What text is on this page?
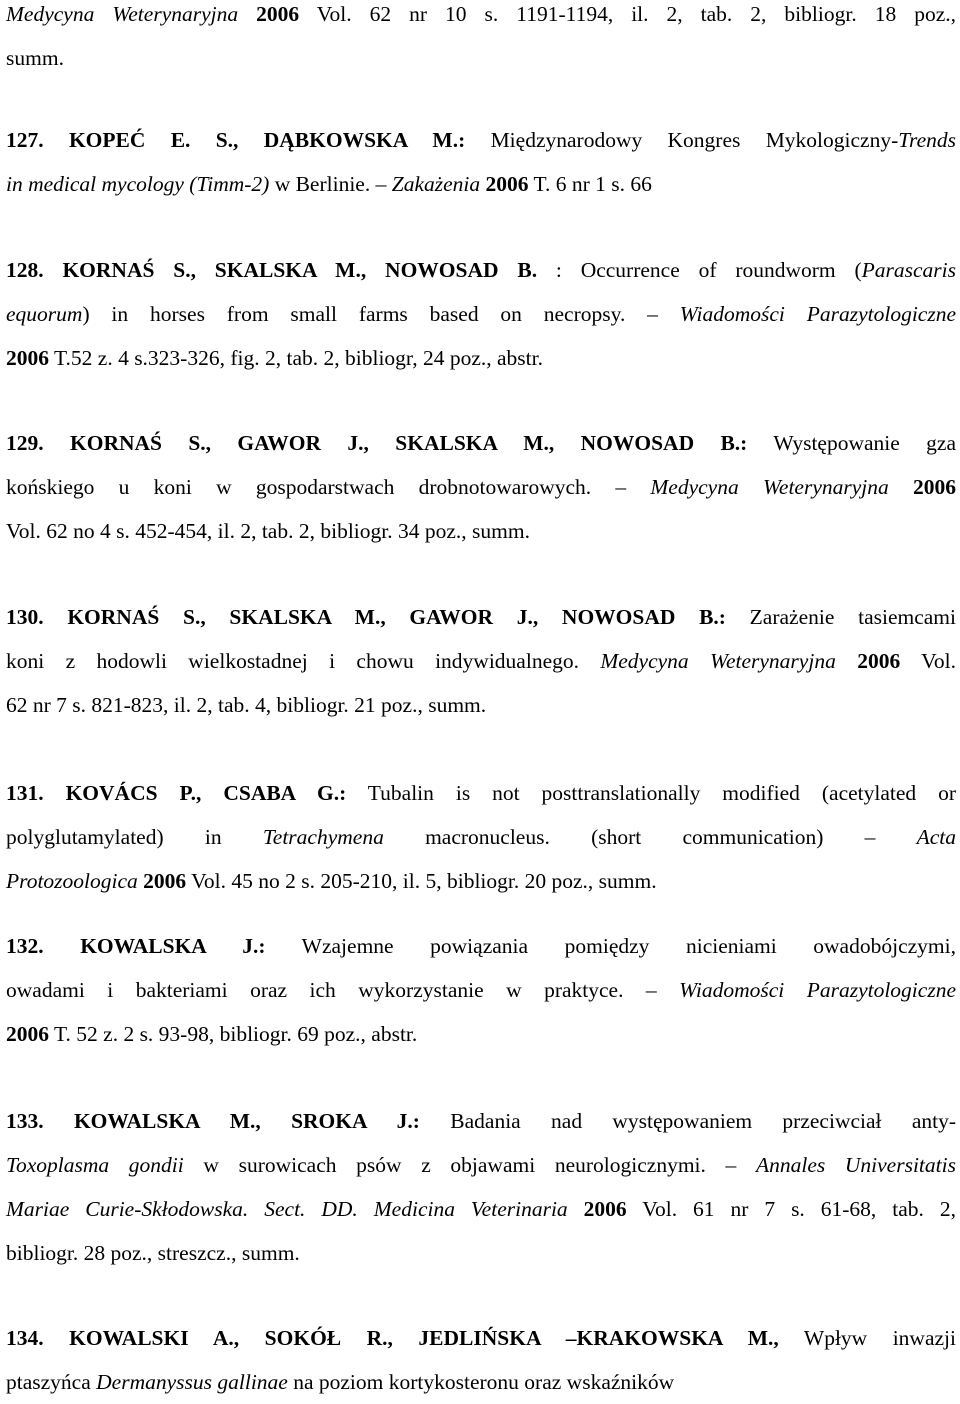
Medycyna Weterynaryjna 2006 Vol. 62 nr 10 s. 1191-1194, il. 2, tab. 2, bibliogr. 18 poz.,
summ.
127. KOPEĆ E. S., DĄBKOWSKA M.: Międzynarodowy Kongres Mykologiczny-Trends
in medical mycology (Timm-2) w Berlinie. – Zakażenia 2006 T. 6 nr 1 s. 66
128. KORNAŚ S., SKALSKA M., NOWOSAD B. : Occurrence of roundworm (Parascaris
equorum) in horses from small farms based on necropsy. – Wiadomości Parazytologiczne
2006 T.52 z. 4 s.323-326, fig. 2, tab. 2, bibliogr, 24 poz., abstr.
129. KORNAŚ S., GAWOR J., SKALSKA M., NOWOSAD B.: Występowanie gza
końskiego u koni w gospodarstwach drobnotowarowych. – Medycyna Weterynaryjna 2006
Vol. 62 no 4 s. 452-454, il. 2, tab. 2, bibliogr. 34 poz., summ.
130. KORNAŚ S., SKALSKA M., GAWOR J., NOWOSAD B.: Zarażenie tasiemcami
koni z hodowli wielkostadnej i chowu indywidualnego. Medycyna Weterynaryjna 2006 Vol.
62 nr 7 s. 821-823, il. 2, tab. 4, bibliogr. 21 poz., summ.
131. KOVÁCS P., CSABA G.: Tubalin is not posttranslationally modified (acetylated or
polyglutamylated) in Tetrachymena macronucleus. (short communication) – Acta
Protozoologica 2006 Vol. 45 no 2 s. 205-210, il. 5, bibliogr. 20 poz., summ.
132. KOWALSKA J.: Wzajemne powiązania pomiędzy nicieniami owadobójczymi,
owadami i bakteriami oraz ich wykorzystanie w praktyce. – Wiadomości Parazytologiczne
2006 T. 52 z. 2 s. 93-98, bibliogr. 69 poz., abstr.
133. KOWALSKA M., SROKA J.: Badania nad występowaniem przeciwciał anty-
Toxoplasma gondii w surowicach psów z objawami neurologicznymi. – Annales Universitatis
Mariae Curie-Skłodowska. Sect. DD. Medicina Veterinaria 2006 Vol. 61 nr 7 s. 61-68, tab. 2,
bibliogr. 28 poz., streszcz., summ.
134. KOWALSKI A., SOKÓŁ R., JEDLIŃSKA –KRAKOWSKA M., Wpływ inwazji
ptaszyńca Dermanyssus gallinae na poziom kortykosteronu oraz wskaźników
